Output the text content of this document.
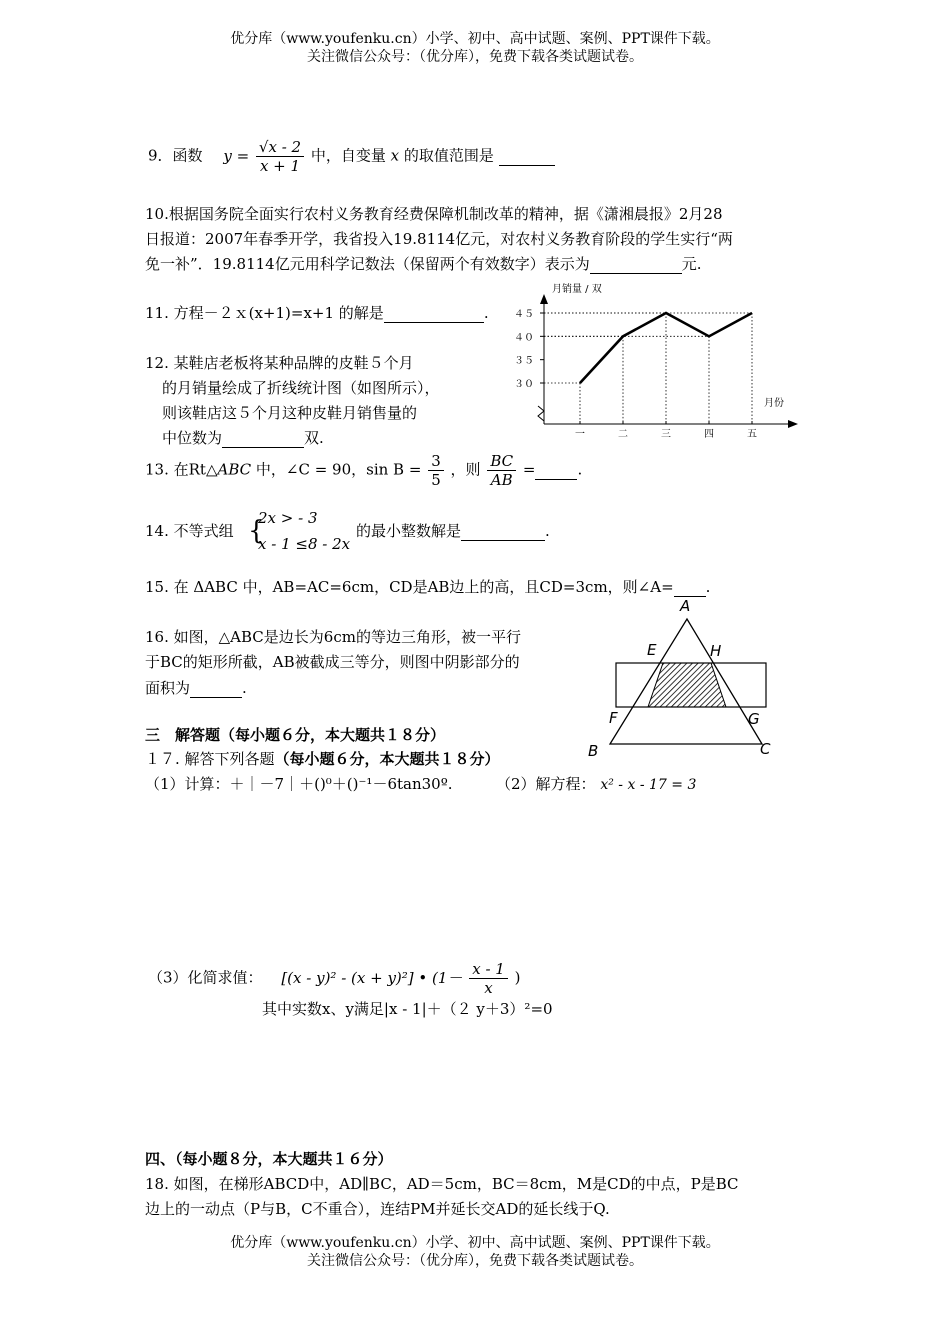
优分库（www.youfenku.cn）小学、初中、高中试题、案例、PPT课件下载。
关注微信公众号：（优分库），免费下载各类试题试卷。
9．函数 $y = \frac{√x - 2}{x + 1}$ 中，自变量 x 的取值范围是
10.根据国务院全面实行农村义务教育经费保障机制改革的精神，据《潇湘晨报》2月28
日报道：2007年春季开学，我省投入19.8114亿元，对农村义务教育阶段的学生实行“两
免一补”．19.8114亿元用科学记数法（保留两个有效数字）表示为	元.
11. 方程－２ｘ(x+1)=x+1 的解是	.
12. 某鞋店老板将某种品牌的皮鞋５个月
的月销量绘成了折线统计图（如图所示），
则该鞋店这５个月这种皮鞋月销售量的
中位数为	双.
月销量 / 双
月份
４５
４０
３５
３０
一	二	三	四	五
13. 在Rt△ABC 中，∠C = 90，$\sin B = \frac{3}{5}$ ，则 $\frac{BC}{AB}$ =	.
14. 不等式组 {
2x > - 3
x - 1 ≤8 - 2x
的最小整数解是	.
15. 在 ΔABC 中，AB=AC=6cm，CD是AB边上的高，且CD=3cm，则∠A= .
16. 如图，△ABC是边长为6cm的等边三角形，被一平行
于BC的矩形所截，AB被截成三等分，则图中阴影部分的
面积为	.
A
B	C
E	H
F	G
三　解答题（每小题６分，本大题共１８分）
１７. 解答下列各题（每小题６分，本大题共１８分）
（1）计算：＋｜－7｜＋()⁰＋()⁻¹－6tan30º.	（2）解方程： x² - x - 17 = 3
（3）化简求值： [(x - y)² - (x + y)²] • ($1- \frac{x - 1}{x}$ )
其中实数x、y满足|x - 1|＋（２ y＋3）²=0
四、（每小题８分，本大题共１６分）
18. 如图，在梯形ABCD中，AD∥BC，AD＝5cm，BC＝8cm，M是CD的中点，P是BC
边上的一动点（P与B，C不重合），连结PM并延长交AD的延长线于Q.
优分库（www.youfenku.cn）小学、初中、高中试题、案例、PPT课件下载。
关注微信公众号：（优分库），免费下载各类试题试卷。
